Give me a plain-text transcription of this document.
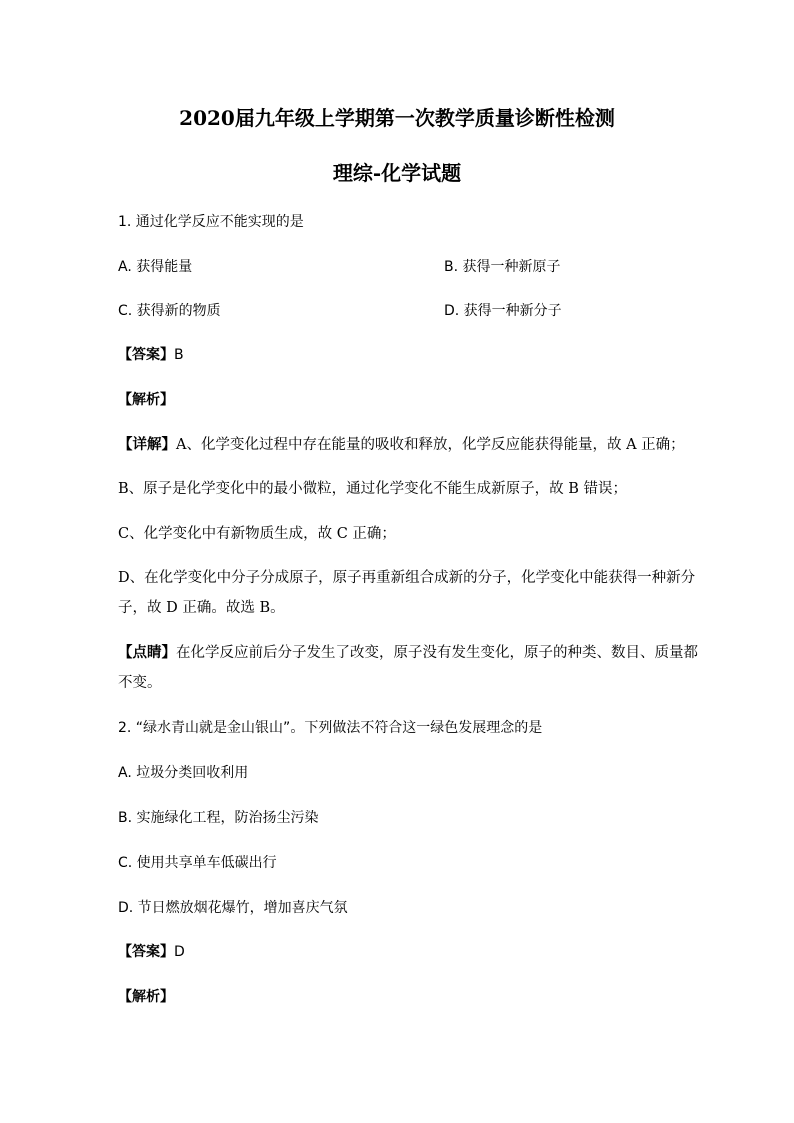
2020届九年级上学期第一次教学质量诊断性检测
理综-化学试题
1. 通过化学反应不能实现的是
A. 获得能量	B. 获得一种新原子
C. 获得新的物质	D. 获得一种新分子
【答案】B
【解析】
【详解】A、化学变化过程中存在能量的吸收和释放，化学反应能获得能量，故 A 正确；
B、原子是化学变化中的最小微粒，通过化学变化不能生成新原子，故 B 错误；
C、化学变化中有新物质生成，故 C 正确；
D、在化学变化中分子分成原子，原子再重新组合成新的分子，化学变化中能获得一种新分
子，故 D 正确。故选 B。
【点睛】在化学反应前后分子发生了改变，原子没有发生变化，原子的种类、数目、质量都
不变。
2. “绿水青山就是金山银山”。下列做法不符合这一绿色发展理念的是
A. 垃圾分类回收利用
B. 实施绿化工程，防治扬尘污染
C. 使用共享单车低碳出行
D. 节日燃放烟花爆竹，增加喜庆气氛
【答案】D
【解析】
